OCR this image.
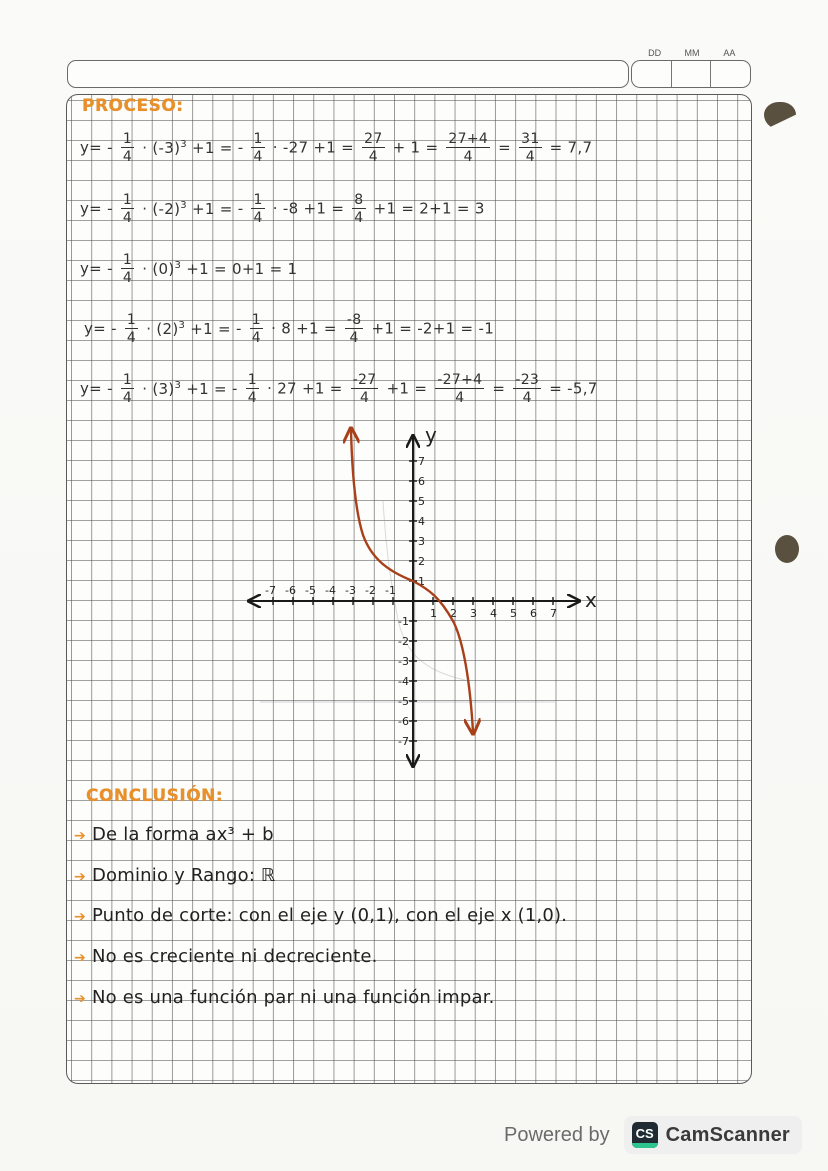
DD	MM	AA
PROCESO:
$y= - \frac{1}{4} \cdot (-3)^3 +1$ = - $\frac{1}{4} \cdot -27 +1 = \frac{27}{4} + 1 = \frac{27+4}{4} = \frac{31}{4} = 7,7$
$y= - \frac{1}{4} \cdot (-2)^3 +1$ = - $\frac{1}{4} \cdot -8 +1 = \frac{8}{4} +1 = 2+1 = 3$
$y= - \frac{1}{4} \cdot (0)^3 +1 = 0+1 = 1$
$y= - \frac{1}{4} \cdot (2)^3 +1$ = - $\frac{1}{4} \cdot 8 +1 = \frac{-8}{4} +1 = -2+1 = -1$
$y= - \frac{1}{4} \cdot (3)^3 +1$ = - $\frac{1}{4} \cdot 27 +1 = \frac{-27}{4} +1 = \frac{-27+4}{4} = \frac{-23}{4} = -5,7$
-7 -6 -5 -4 -3 -2 -1
1 2 3 4 5 6 7
7
6
5
4
3
2
1
-1
-2
-3
-4
-5
-6
-7
x
y
CONCLUSIÓN:
➔ De la forma ax³ + b
➔ Dominio y Rango: ℝ
➔ Punto de corte: con el eje y (0,1), con el eje x (1,0).
➔ No es creciente ni decreciente.
➔ No es una función par ni una función impar.
Powered by CS CamScanner
